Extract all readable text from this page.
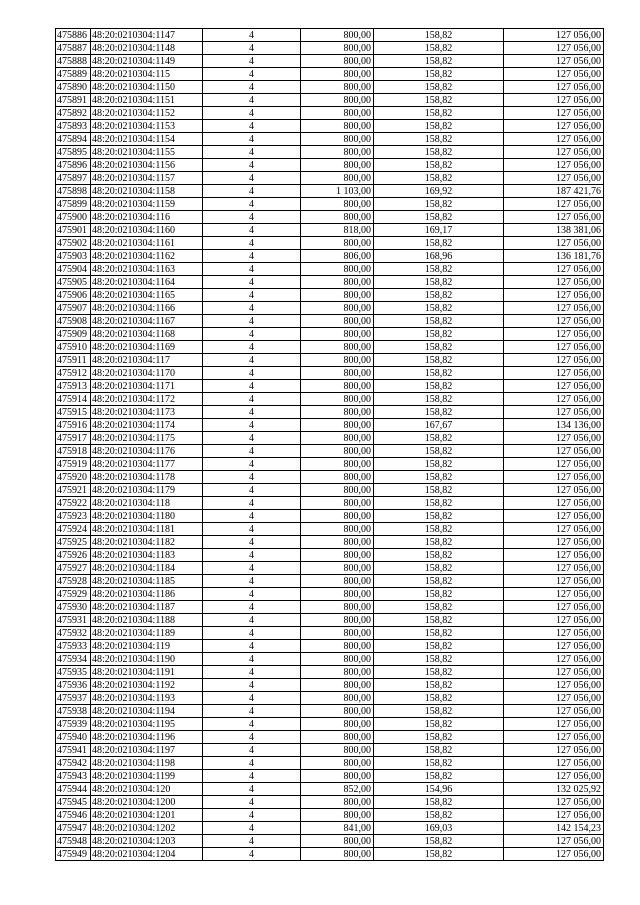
475886	48:20:0210304:1147	4	800,00	158,82	127 056,00
475887	48:20:0210304:1148	4	800,00	158,82	127 056,00
475888	48:20:0210304:1149	4	800,00	158,82	127 056,00
475889	48:20:0210304:115	4	800,00	158,82	127 056,00
475890	48:20:0210304:1150	4	800,00	158,82	127 056,00
475891	48:20:0210304:1151	4	800,00	158,82	127 056,00
475892	48:20:0210304:1152	4	800,00	158,82	127 056,00
475893	48:20:0210304:1153	4	800,00	158,82	127 056,00
475894	48:20:0210304:1154	4	800,00	158,82	127 056,00
475895	48:20:0210304:1155	4	800,00	158,82	127 056,00
475896	48:20:0210304:1156	4	800,00	158,82	127 056,00
475897	48:20:0210304:1157	4	800,00	158,82	127 056,00
475898	48:20:0210304:1158	4	1 103,00	169,92	187 421,76
475899	48:20:0210304:1159	4	800,00	158,82	127 056,00
475900	48:20:0210304:116	4	800,00	158,82	127 056,00
475901	48:20:0210304:1160	4	818,00	169,17	138 381,06
475902	48:20:0210304:1161	4	800,00	158,82	127 056,00
475903	48:20:0210304:1162	4	806,00	168,96	136 181,76
475904	48:20:0210304:1163	4	800,00	158,82	127 056,00
475905	48:20:0210304:1164	4	800,00	158,82	127 056,00
475906	48:20:0210304:1165	4	800,00	158,82	127 056,00
475907	48:20:0210304:1166	4	800,00	158,82	127 056,00
475908	48:20:0210304:1167	4	800,00	158,82	127 056,00
475909	48:20:0210304:1168	4	800,00	158,82	127 056,00
475910	48:20:0210304:1169	4	800,00	158,82	127 056,00
475911	48:20:0210304:117	4	800,00	158,82	127 056,00
475912	48:20:0210304:1170	4	800,00	158,82	127 056,00
475913	48:20:0210304:1171	4	800,00	158,82	127 056,00
475914	48:20:0210304:1172	4	800,00	158,82	127 056,00
475915	48:20:0210304:1173	4	800,00	158,82	127 056,00
475916	48:20:0210304:1174	4	800,00	167,67	134 136,00
475917	48:20:0210304:1175	4	800,00	158,82	127 056,00
475918	48:20:0210304:1176	4	800,00	158,82	127 056,00
475919	48:20:0210304:1177	4	800,00	158,82	127 056,00
475920	48:20:0210304:1178	4	800,00	158,82	127 056,00
475921	48:20:0210304:1179	4	800,00	158,82	127 056,00
475922	48:20:0210304:118	4	800,00	158,82	127 056,00
475923	48:20:0210304:1180	4	800,00	158,82	127 056,00
475924	48:20:0210304:1181	4	800,00	158,82	127 056,00
475925	48:20:0210304:1182	4	800,00	158,82	127 056,00
475926	48:20:0210304:1183	4	800,00	158,82	127 056,00
475927	48:20:0210304:1184	4	800,00	158,82	127 056,00
475928	48:20:0210304:1185	4	800,00	158,82	127 056,00
475929	48:20:0210304:1186	4	800,00	158,82	127 056,00
475930	48:20:0210304:1187	4	800,00	158,82	127 056,00
475931	48:20:0210304:1188	4	800,00	158,82	127 056,00
475932	48:20:0210304:1189	4	800,00	158,82	127 056,00
475933	48:20:0210304:119	4	800,00	158,82	127 056,00
475934	48:20:0210304:1190	4	800,00	158,82	127 056,00
475935	48:20:0210304:1191	4	800,00	158,82	127 056,00
475936	48:20:0210304:1192	4	800,00	158,82	127 056,00
475937	48:20:0210304:1193	4	800,00	158,82	127 056,00
475938	48:20:0210304:1194	4	800,00	158,82	127 056,00
475939	48:20:0210304:1195	4	800,00	158,82	127 056,00
475940	48:20:0210304:1196	4	800,00	158,82	127 056,00
475941	48:20:0210304:1197	4	800,00	158,82	127 056,00
475942	48:20:0210304:1198	4	800,00	158,82	127 056,00
475943	48:20:0210304:1199	4	800,00	158,82	127 056,00
475944	48:20:0210304:120	4	852,00	154,96	132 025,92
475945	48:20:0210304:1200	4	800,00	158,82	127 056,00
475946	48:20:0210304:1201	4	800,00	158,82	127 056,00
475947	48:20:0210304:1202	4	841,00	169,03	142 154,23
475948	48:20:0210304:1203	4	800,00	158,82	127 056,00
475949	48:20:0210304:1204	4	800,00	158,82	127 056,00
